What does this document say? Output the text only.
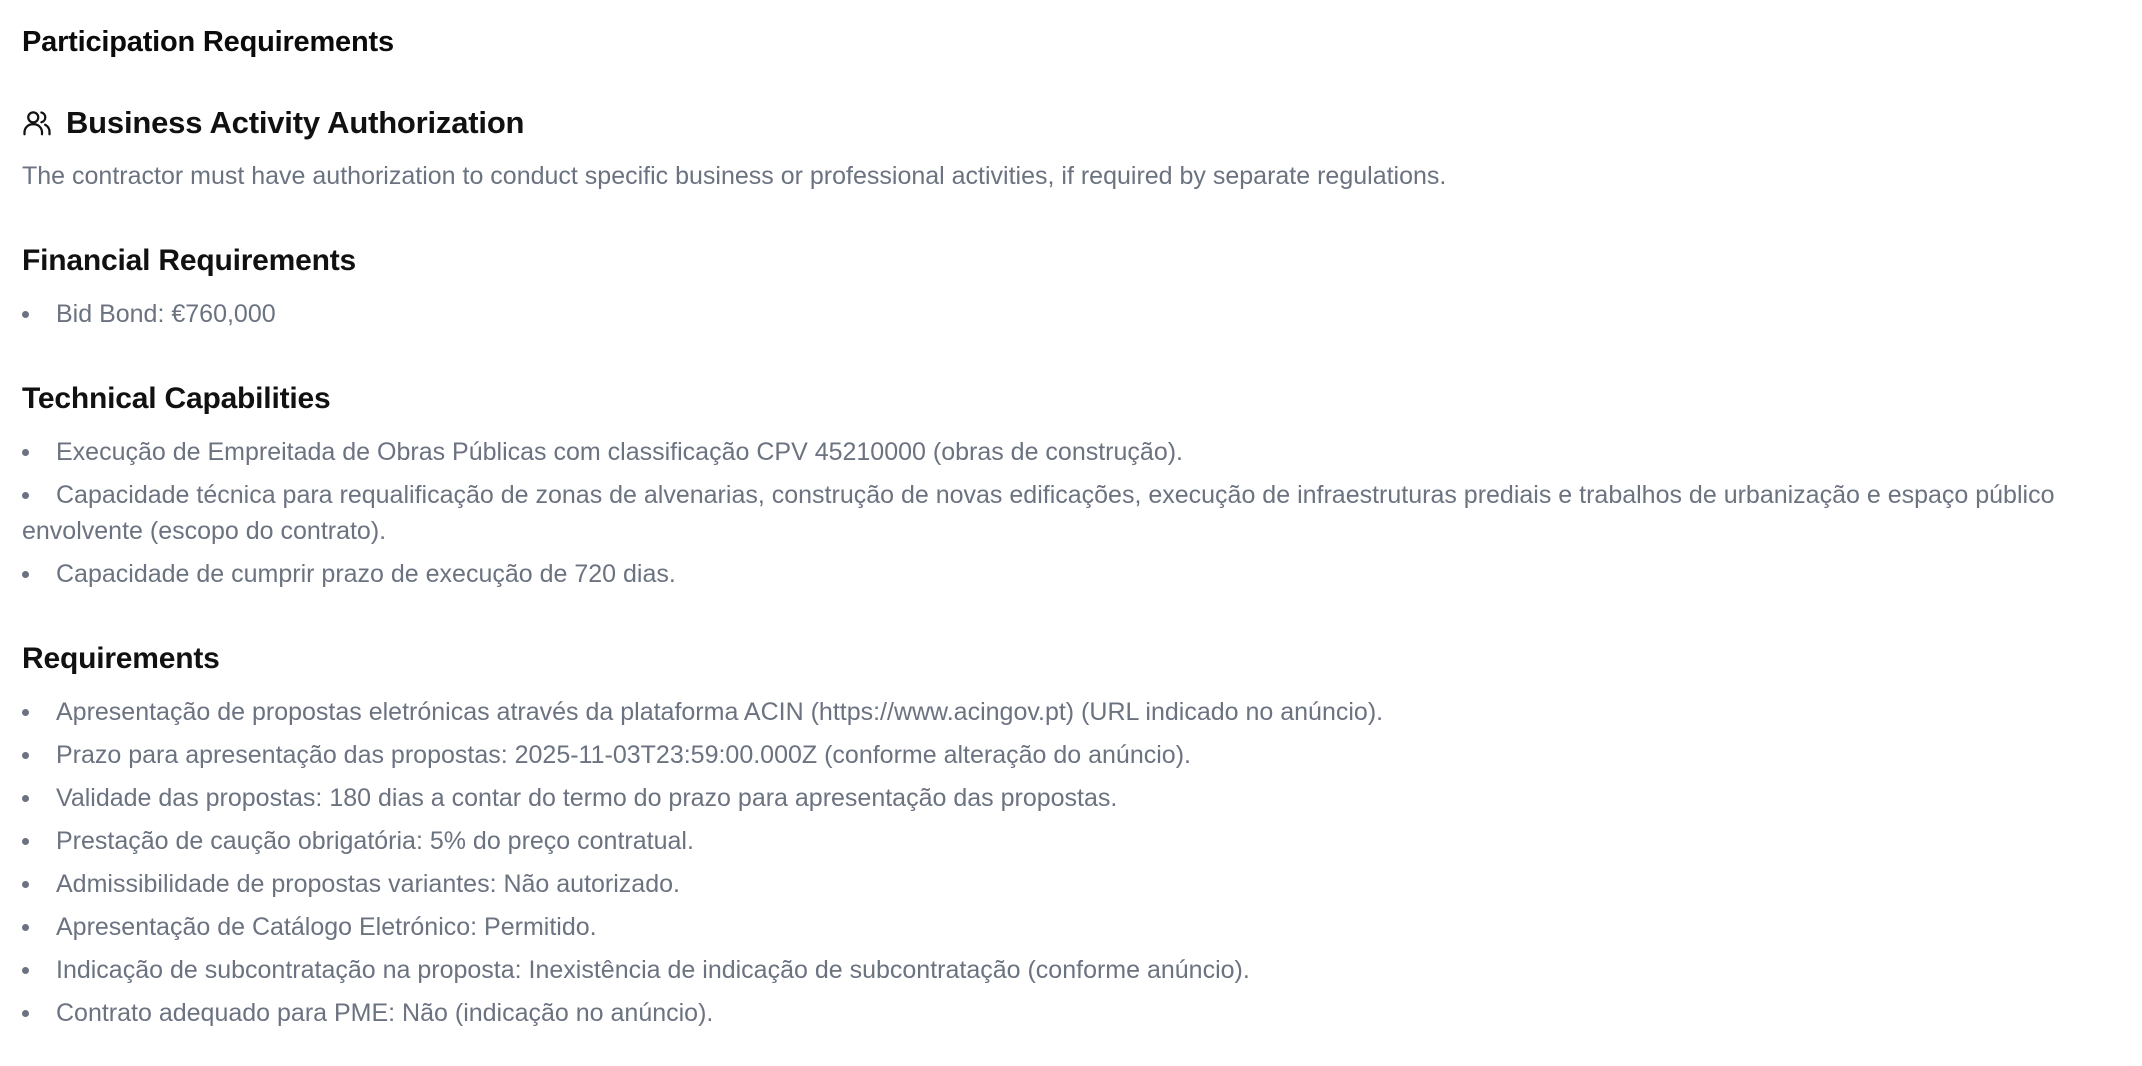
Participation Requirements
Business Activity Authorization

The contractor must have authorization to conduct specific business or professional activities, if required by separate regulations.

Financial Requirements
Bid Bond: €760,000
Technical Capabilities
Execução de Empreitada de Obras Públicas com classificação CPV 45210000 (obras de construção).
Capacidade técnica para requalificação de zonas de alvenarias, construção de novas edificações, execução de infraestruturas prediais e trabalhos de urbanização e espaço público envolvente (escopo do contrato).
Capacidade de cumprir prazo de execução de 720 dias.
Requirements
Apresentação de propostas eletrónicas através da plataforma ACIN (https://www.acingov.pt) (URL indicado no anúncio).
Prazo para apresentação das propostas: 2025-11-03T23:59:00.000Z (conforme alteração do anúncio).
Validade das propostas: 180 dias a contar do termo do prazo para apresentação das propostas.
Prestação de caução obrigatória: 5% do preço contratual.
Admissibilidade de propostas variantes: Não autorizado.
Apresentação de Catálogo Eletrónico: Permitido.
Indicação de subcontratação na proposta: Inexistência de indicação de subcontratação (conforme anúncio).
Contrato adequado para PME: Não (indicação no anúncio).
